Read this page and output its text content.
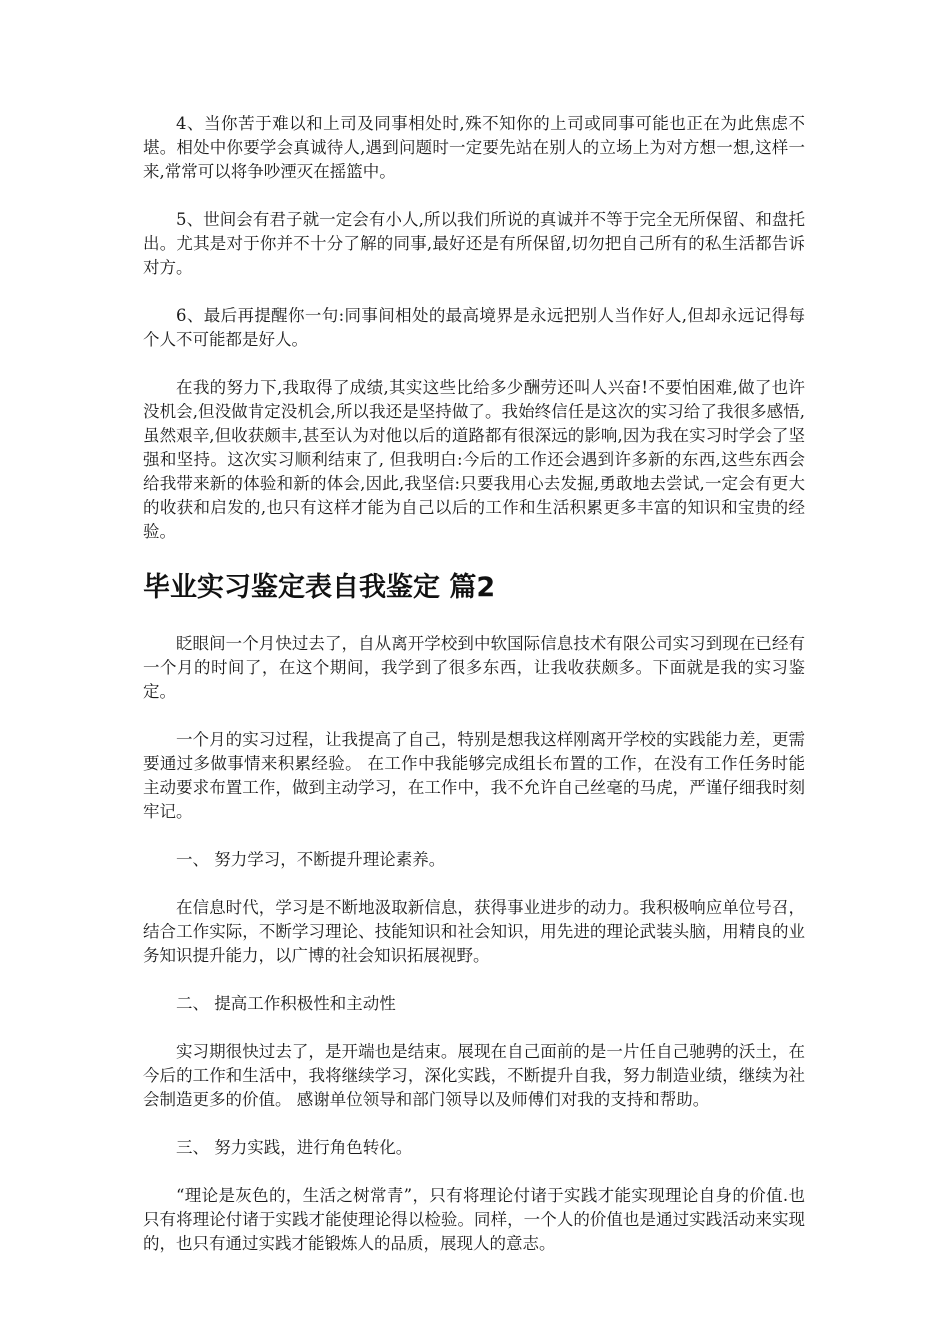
4、当你苦于难以和上司及同事相处时,殊不知你的上司或同事可能也正在为此焦虑不堪。相处中你要学会真诚待人,遇到问题时一定要先站在别人的立场上为对方想一想,这样一来,常常可以将争吵湮灭在摇篮中。

5、世间会有君子就一定会有小人,所以我们所说的真诚并不等于完全无所保留、和盘托出。尤其是对于你并不十分了解的同事,最好还是有所保留,切勿把自己所有的私生活都告诉对方。

6、最后再提醒你一句:同事间相处的最高境界是永远把别人当作好人,但却永远记得每个人不可能都是好人。

在我的努力下,我取得了成绩,其实这些比给多少酬劳还叫人兴奋!不要怕困难,做了也许没机会,但没做肯定没机会,所以我还是坚持做了。我始终信任是这次的实习给了我很多感悟,虽然艰辛,但收获颇丰,甚至认为对他以后的道路都有很深远的影响,因为我在实习时学会了坚强和坚持。这次实习顺利结束了, 但我明白:今后的工作还会遇到许多新的东西,这些东西会给我带来新的体验和新的体会,因此,我坚信:只要我用心去发掘,勇敢地去尝试,一定会有更大的收获和启发的,也只有这样才能为自己以后的工作和生活积累更多丰富的知识和宝贵的经验。

毕业实习鉴定表自我鉴定 篇2

眨眼间一个月快过去了，自从离开学校到中软国际信息技术有限公司实习到现在已经有一个月的时间了，在这个期间，我学到了很多东西，让我收获颇多。下面就是我的实习鉴定。

一个月的实习过程，让我提高了自己，特别是想我这样刚离开学校的实践能力差，更需要通过多做事情来积累经验。 在工作中我能够完成组长布置的工作，在没有工作任务时能主动要求布置工作，做到主动学习，在工作中，我不允许自己丝毫的马虎，严谨仔细我时刻牢记。

一、 努力学习，不断提升理论素养。

在信息时代，学习是不断地汲取新信息，获得事业进步的动力。我积极响应单位号召，结合工作实际，不断学习理论、技能知识和社会知识，用先进的理论武装头脑，用精良的业务知识提升能力，以广博的社会知识拓展视野。

二、 提高工作积极性和主动性

实习期很快过去了，是开端也是结束。展现在自己面前的是一片任自己驰骋的沃土，在今后的工作和生活中，我将继续学习，深化实践，不断提升自我，努力制造业绩，继续为社会制造更多的价值。 感谢单位领导和部门领导以及师傅们对我的支持和帮助。

三、 努力实践，进行角色转化。

“理论是灰色的，生活之树常青”，只有将理论付诸于实践才能实现理论自身的价值.也只有将理论付诸于实践才能使理论得以检验。同样，一个人的价值也是通过实践活动来实现的，也只有通过实践才能锻炼人的品质，展现人的意志。
